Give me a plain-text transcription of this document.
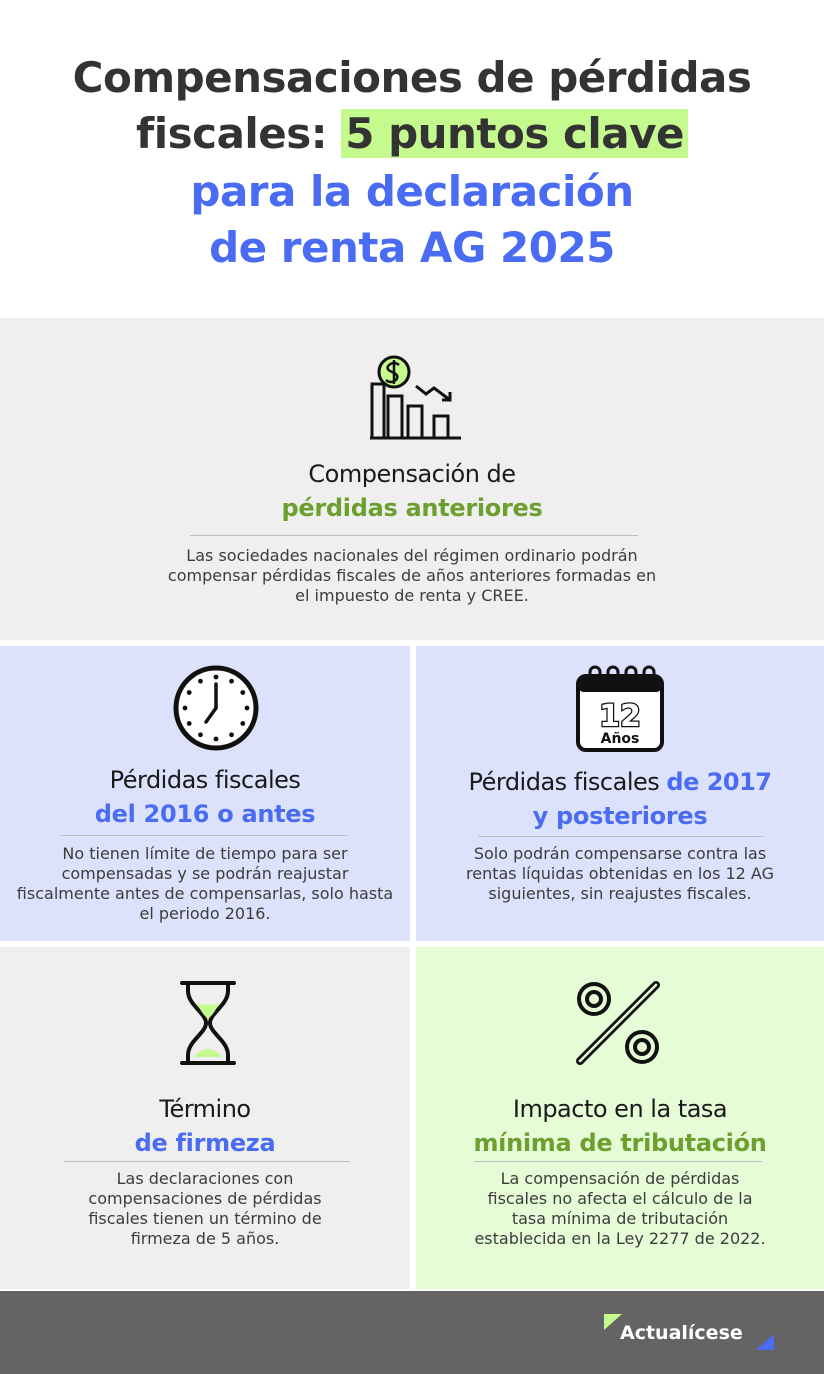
Compensaciones de pérdidas
fiscales: 5 puntos clave
para la declaración
de renta AG 2025
Compensación de
pérdidas anteriores
Las sociedades nacionales del régimen ordinario podrán
compensar pérdidas fiscales de años anteriores formadas en
el impuesto de renta y CREE.
Pérdidas fiscales
del 2016 o antes
No tienen límite de tiempo para ser
compensadas y se podrán reajustar
fiscalmente antes de compensarlas, solo hasta
el periodo 2016.
12
Años
Pérdidas fiscales de 2017
y posteriores
Solo podrán compensarse contra las
rentas líquidas obtenidas en los 12 AG
siguientes, sin reajustes fiscales.
Término
de firmeza
Las declaraciones con
compensaciones de pérdidas
fiscales tienen un término de
firmeza de 5 años.
Impacto en la tasa
mínima de tributación
La compensación de pérdidas
fiscales no afecta el cálculo de la
tasa mínima de tributación
establecida en la Ley 2277 de 2022.
Actualícese
